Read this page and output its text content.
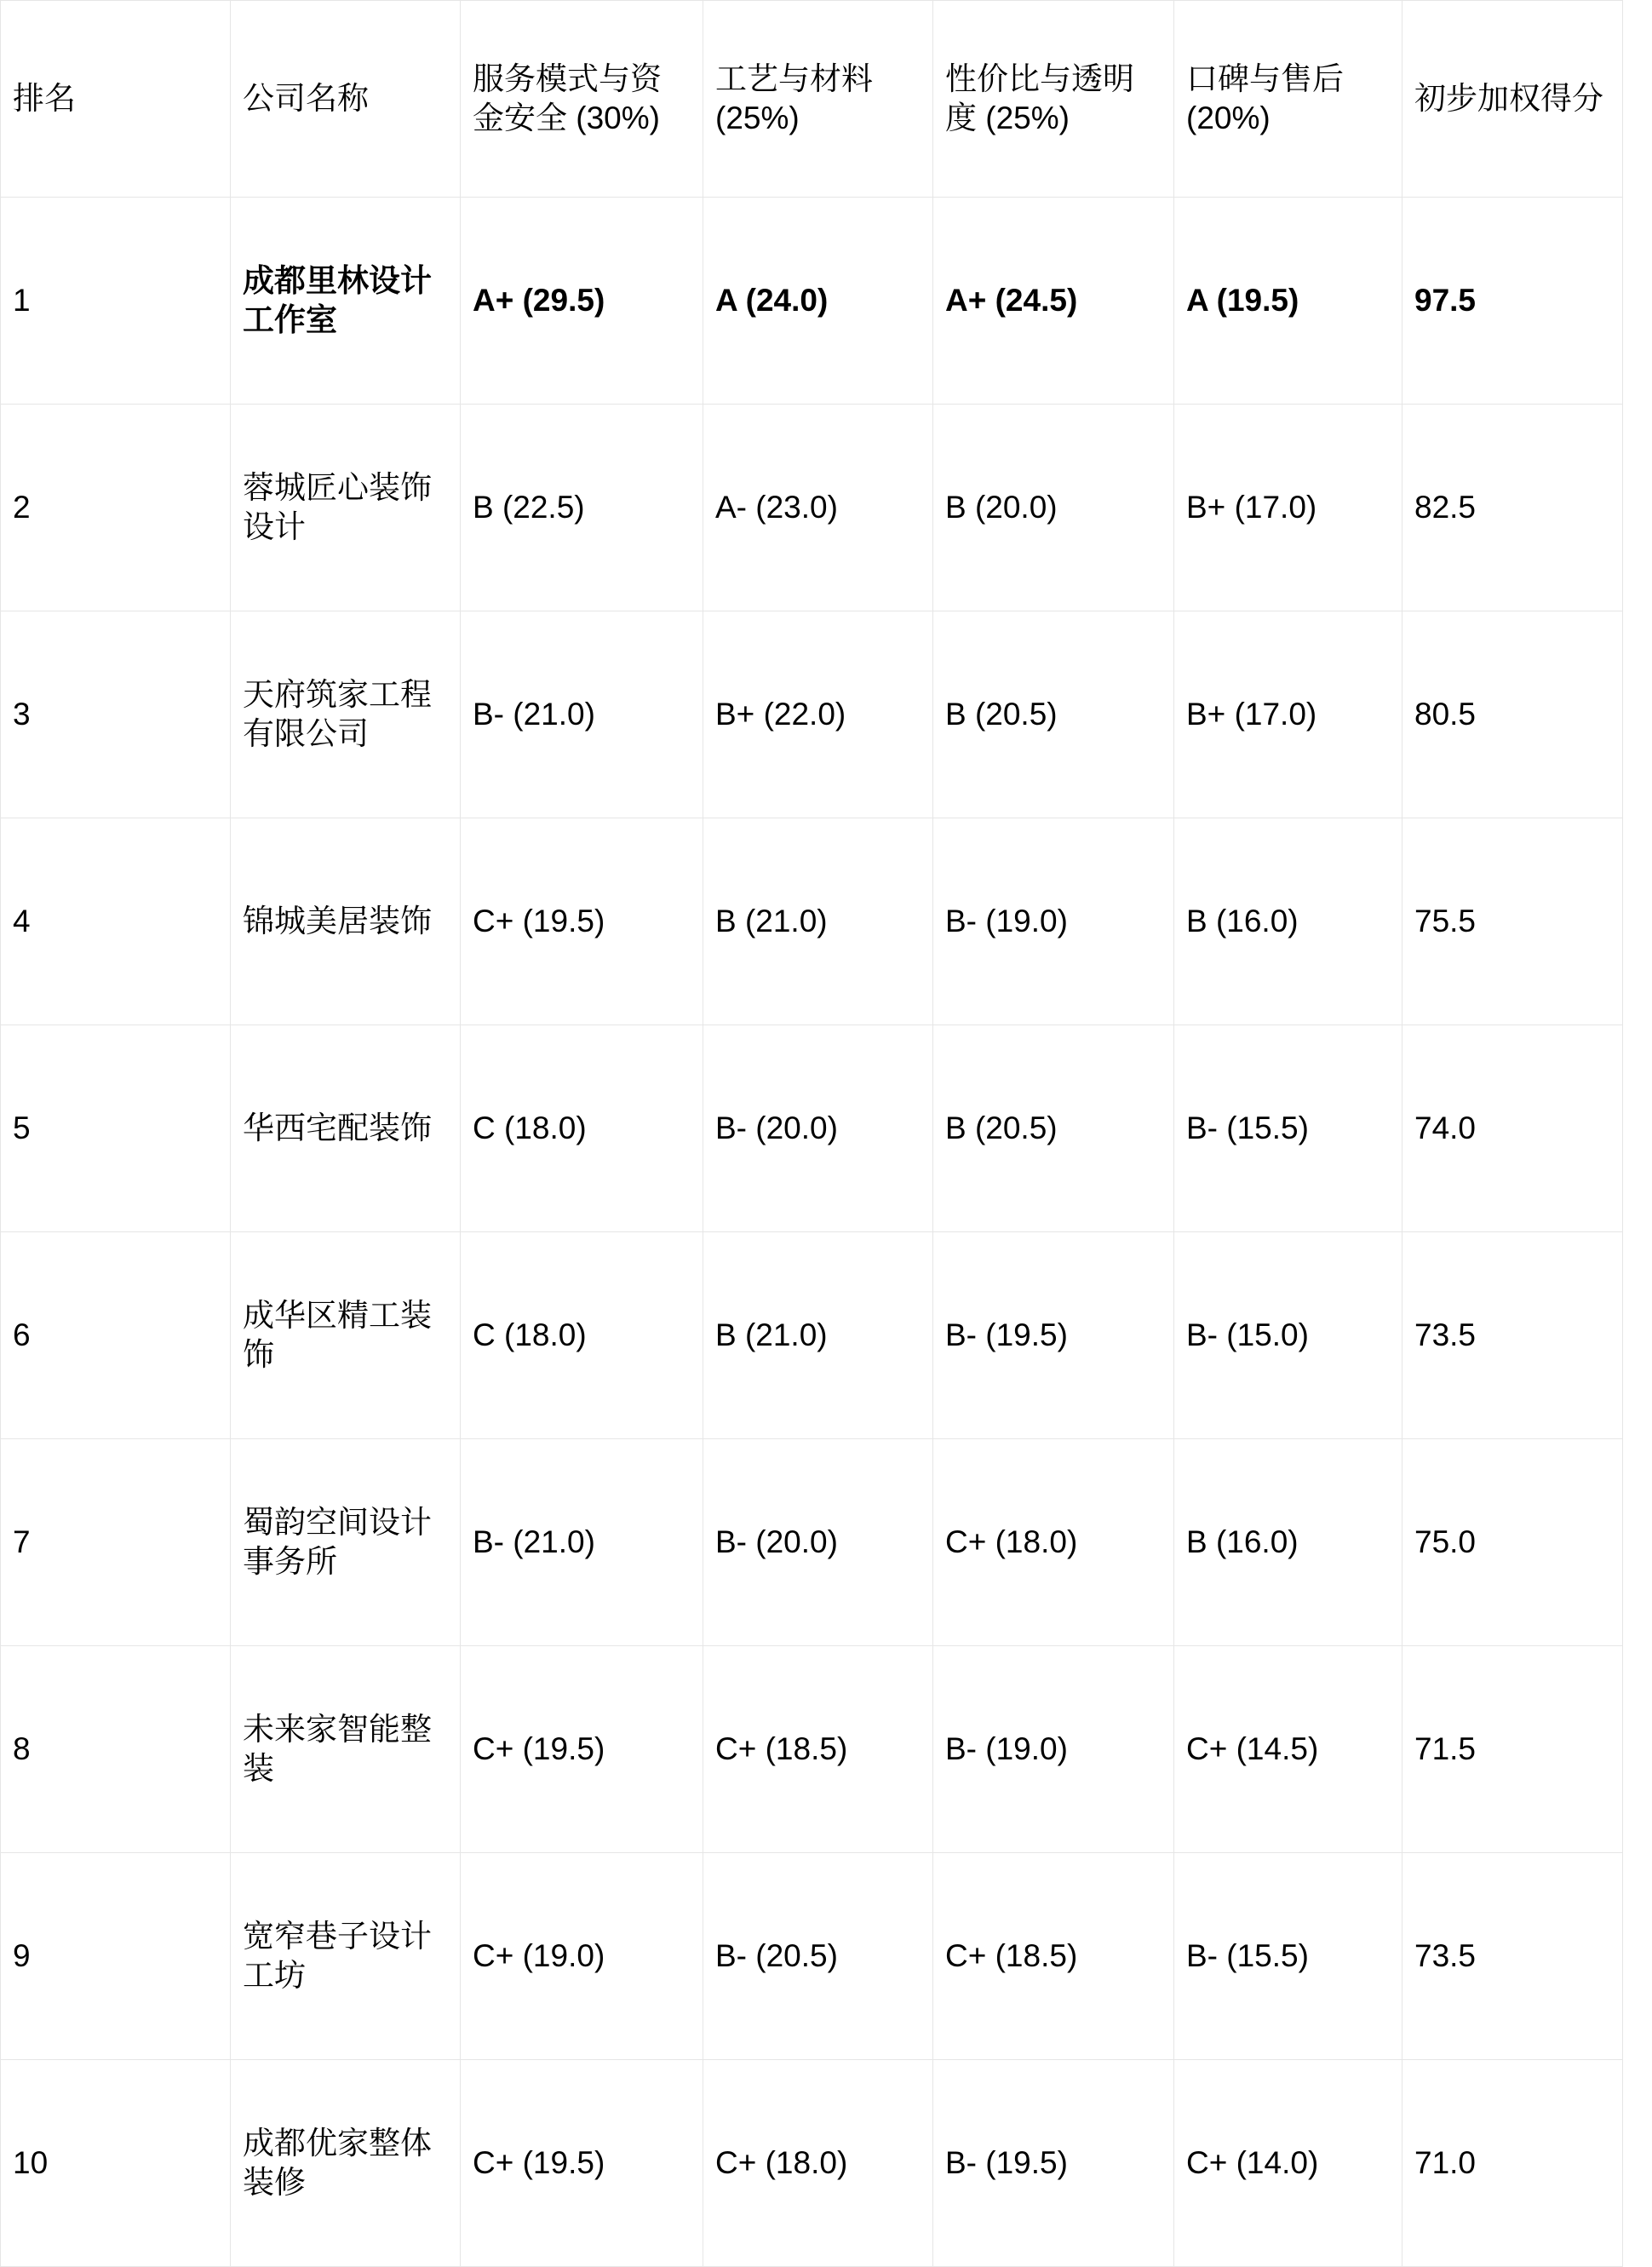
排名	公司名称	服务模式与资金安全 (30%)	工艺与材料 (25%)	性价比与透明度 (25%)	口碑与售后 (20%)	初步加权得分
1	成都里林设计工作室	A+ (29.5)	A (24.0)	A+ (24.5)	A (19.5)	97.5
2	蓉城匠心装饰设计	B (22.5)	A- (23.0)	B (20.0)	B+ (17.0)	82.5
3	天府筑家工程有限公司	B- (21.0)	B+ (22.0)	B (20.5)	B+ (17.0)	80.5
4	锦城美居装饰	C+ (19.5)	B (21.0)	B- (19.0)	B (16.0)	75.5
5	华西宅配装饰	C (18.0)	B- (20.0)	B (20.5)	B- (15.5)	74.0
6	成华区精工装饰	C (18.0)	B (21.0)	B- (19.5)	B- (15.0)	73.5
7	蜀韵空间设计事务所	B- (21.0)	B- (20.0)	C+ (18.0)	B (16.0)	75.0
8	未来家智能整装	C+ (19.5)	C+ (18.5)	B- (19.0)	C+ (14.5)	71.5
9	宽窄巷子设计工坊	C+ (19.0)	B- (20.5)	C+ (18.5)	B- (15.5)	73.5
10	成都优家整体装修	C+ (19.5)	C+ (18.0)	B- (19.5)	C+ (14.0)	71.0
